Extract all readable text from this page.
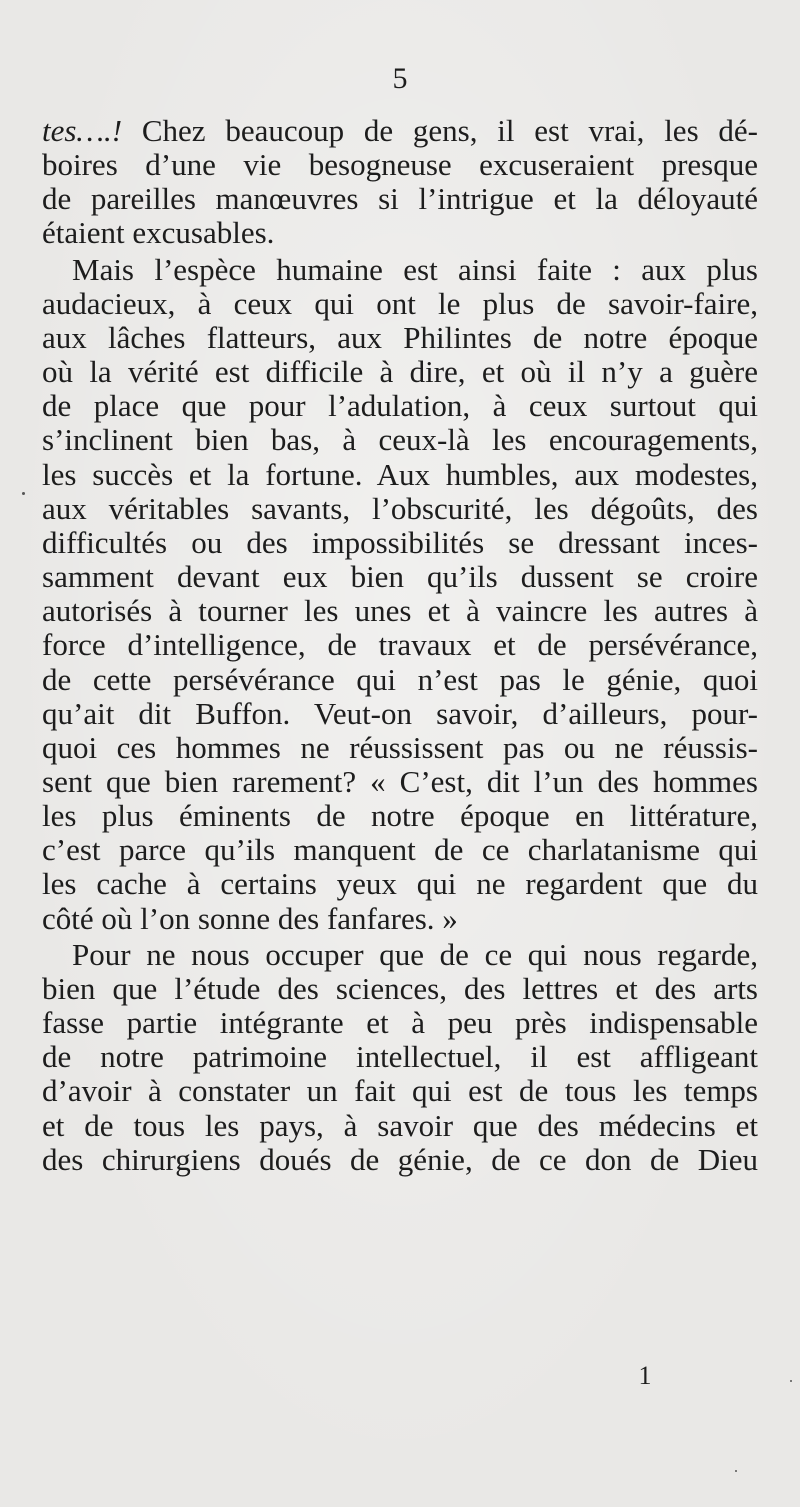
5

tes….! Chez beaucoup de gens, il est vrai, les dé-
boires d’une vie besogneuse excuseraient presque
de pareilles manœuvres si l’intrigue et la déloyauté
étaient excusables.

Mais l’espèce humaine est ainsi faite : aux plus

audacieux, à ceux qui ont le plus de savoir-faire,
aux lâches flatteurs, aux Philintes de notre époque
où la vérité est difficile à dire, et où il n’y a guère
de place que pour l’adulation, à ceux surtout qui
s’inclinent bien bas, à ceux-là les encouragements,
les succès et la fortune. Aux humbles, aux modestes,
aux véritables savants, l’obscurité, les dégoûts, des
difficultés ou des impossibilités se dressant inces-
samment devant eux bien qu’ils dussent se croire
autorisés à tourner les unes et à vaincre les autres à
force d’intelligence, de travaux et de persévérance,
de cette persévérance qui n’est pas le génie, quoi
qu’ait dit Buffon. Veut-on savoir, d’ailleurs, pour-
quoi ces hommes ne réussissent pas ou ne réussis-
sent que bien rarement? « C’est, dit l’un des hommes
les plus éminents de notre époque en littérature,
c’est parce qu’ils manquent de ce charlatanisme qui
les cache à certains yeux qui ne regardent que du
côté où l’on sonne des fanfares. »

Pour ne nous occuper que de ce qui nous regarde,

bien que l’étude des sciences, des lettres et des arts
fasse partie intégrante et à peu près indispensable
de notre patrimoine intellectuel, il est affligeant
d’avoir à constater un fait qui est de tous les temps
et de tous les pays, à savoir que des médecins et
des chirurgiens doués de génie, de ce don de Dieu

1
